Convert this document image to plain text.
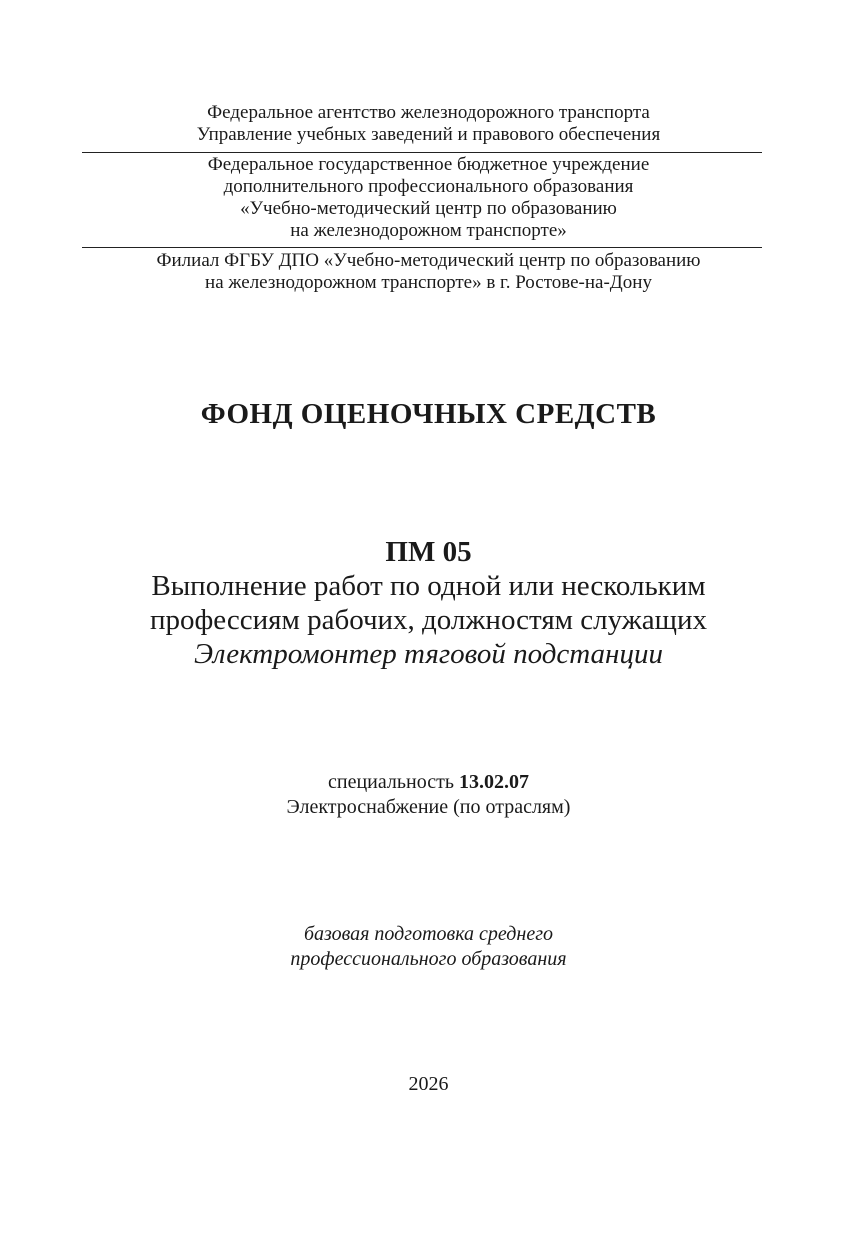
Федеральное агентство железнодорожного транспорта
Управление учебных заведений и правового обеспечения
Федеральное государственное бюджетное учреждение
дополнительного профессионального образования
«Учебно-методический центр по образованию
на железнодорожном транспорте»
Филиал ФГБУ ДПО «Учебно-методический центр по образованию
на железнодорожном транспорте» в г. Ростове-на-Дону
ФОНД ОЦЕНОЧНЫХ СРЕДСТВ
ПМ 05
Выполнение работ по одной или нескольким
профессиям рабочих, должностям служащих
Электромонтер тяговой подстанции
специальность 13.02.07
Электроснабжение (по отраслям)
базовая подготовка среднего
профессионального образования
2026
